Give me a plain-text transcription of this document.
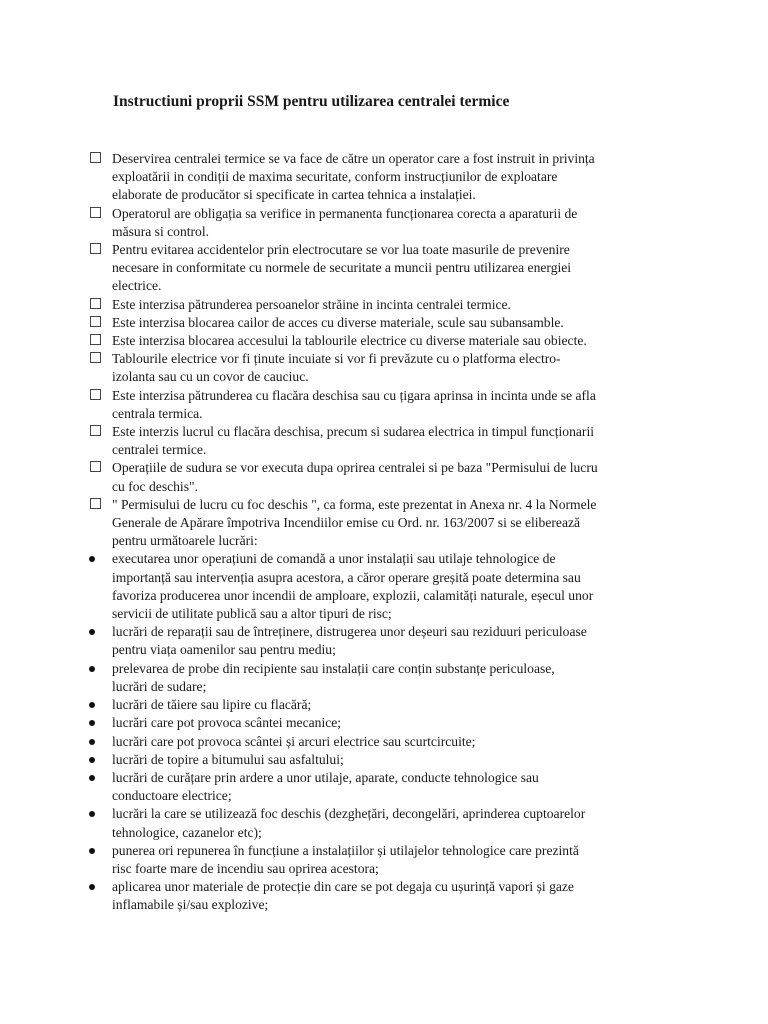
Instructiuni proprii SSM pentru utilizarea centralei termice
Deservirea centralei termice se va face de către un operator care a fost instruit in privința
exploatării in condiții de maxima securitate, conform instrucțiunilor de exploatare
elaborate de producător si specificate in cartea tehnica a instalației.
Operatorul are obligația sa verifice in permanenta funcționarea corecta a aparaturii de
măsura si control.
Pentru evitarea accidentelor prin electrocutare se vor lua toate masurile de prevenire
necesare in conformitate cu normele de securitate a muncii pentru utilizarea energiei
electrice.
Este interzisa pătrunderea persoanelor străine in incinta centralei termice.
Este interzisa blocarea cailor de acces cu diverse materiale, scule sau subansamble.
Este interzisa blocarea accesului la tablourile electrice cu diverse materiale sau obiecte.
Tablourile electrice vor fi ținute incuiate si vor fi prevăzute cu o platforma electro-
izolanta sau cu un covor de cauciuc.
Este interzisa pătrunderea cu flacăra deschisa sau cu țigara aprinsa in incinta unde se afla
centrala termica.
Este interzis lucrul cu flacăra deschisa, precum si sudarea electrica in timpul funcționarii
centralei termice.
Operațiile de sudura se vor executa dupa oprirea centralei si pe baza "Permisului de lucru
cu foc deschis".
" Permisului de lucru cu foc deschis ", ca forma, este prezentat in Anexa nr. 4 la Normele
Generale de Apărare împotriva Incendiilor emise cu Ord. nr. 163/2007 si se eliberează
pentru următoarele lucrări:
executarea unor operațiuni de comandă a unor instalații sau utilaje tehnologice de
importanță sau intervenția asupra acestora, a căror operare greșită poate determina sau
favoriza producerea unor incendii de amploare, explozii, calamități naturale, eșecul unor
servicii de utilitate publică sau a altor tipuri de risc;
lucrări de reparații sau de întreținere, distrugerea unor deșeuri sau reziduuri periculoase
pentru viața oamenilor sau pentru mediu;
prelevarea de probe din recipiente sau instalații care conțin substanțe periculoase,
lucrări de sudare;
lucrări de tăiere sau lipire cu flacără;
lucrări care pot provoca scântei mecanice;
lucrări care pot provoca scântei și arcuri electrice sau scurtcircuite;
lucrări de topire a bitumului sau asfaltului;
lucrări de curățare prin ardere a unor utilaje, aparate, conducte tehnologice sau
conductoare electrice;
lucrări la care se utilizează foc deschis (dezghețări, decongelări, aprinderea cuptoarelor
tehnologice, cazanelor etc);
punerea ori repunerea în funcțiune a instalațiilor și utilajelor tehnologice care prezintă
risc foarte mare de incendiu sau oprirea acestora;
aplicarea unor materiale de protecție din care se pot degaja cu ușurință vapori și gaze
inflamabile și/sau explozive;
